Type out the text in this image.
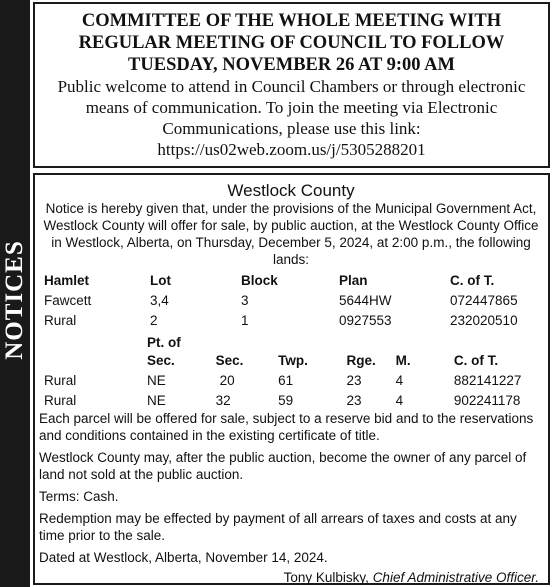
NOTICES
COMMITTEE OF THE WHOLE MEETING WITH
REGULAR MEETING OF COUNCIL TO FOLLOW
TUESDAY, NOVEMBER 26 AT 9:00 AM
Public welcome to attend in Council Chambers or through electronic
means of communication. To join the meeting via Electronic
Communications, please use this link:
https://us02web.zoom.us/j/5305288201
Westlock County
Notice is hereby given that, under the provisions of the Municipal Government Act, Westlock County will offer for sale, by public auction, at the Westlock County Office in Westlock, Alberta, on Thursday, December 5, 2024, at 2:00 p.m., the following lands:
Hamlet	Lot	Block	Plan	C. of T.
Fawcett	3,4	3	5644HW	072447865
Rural	2	1	0927553	232020510

	Pt. of
Sec.	Sec.	Twp.	Rge.	M.	C. of T.
Rural	NE	20	61	23	4	882141227
Rural	NE	32	59	23	4	902241178

Each parcel will be offered for sale, subject to a reserve bid and to the reservations and conditions contained in the existing certificate of title.

Westlock County may, after the public auction, become the owner of any parcel of land not sold at the public auction.

Terms: Cash.

Redemption may be effected by payment of all arrears of taxes and costs at any time prior to the sale.

Dated at Westlock, Alberta, November 14, 2024.

Tony Kulbisky, Chief Administrative Officer.
